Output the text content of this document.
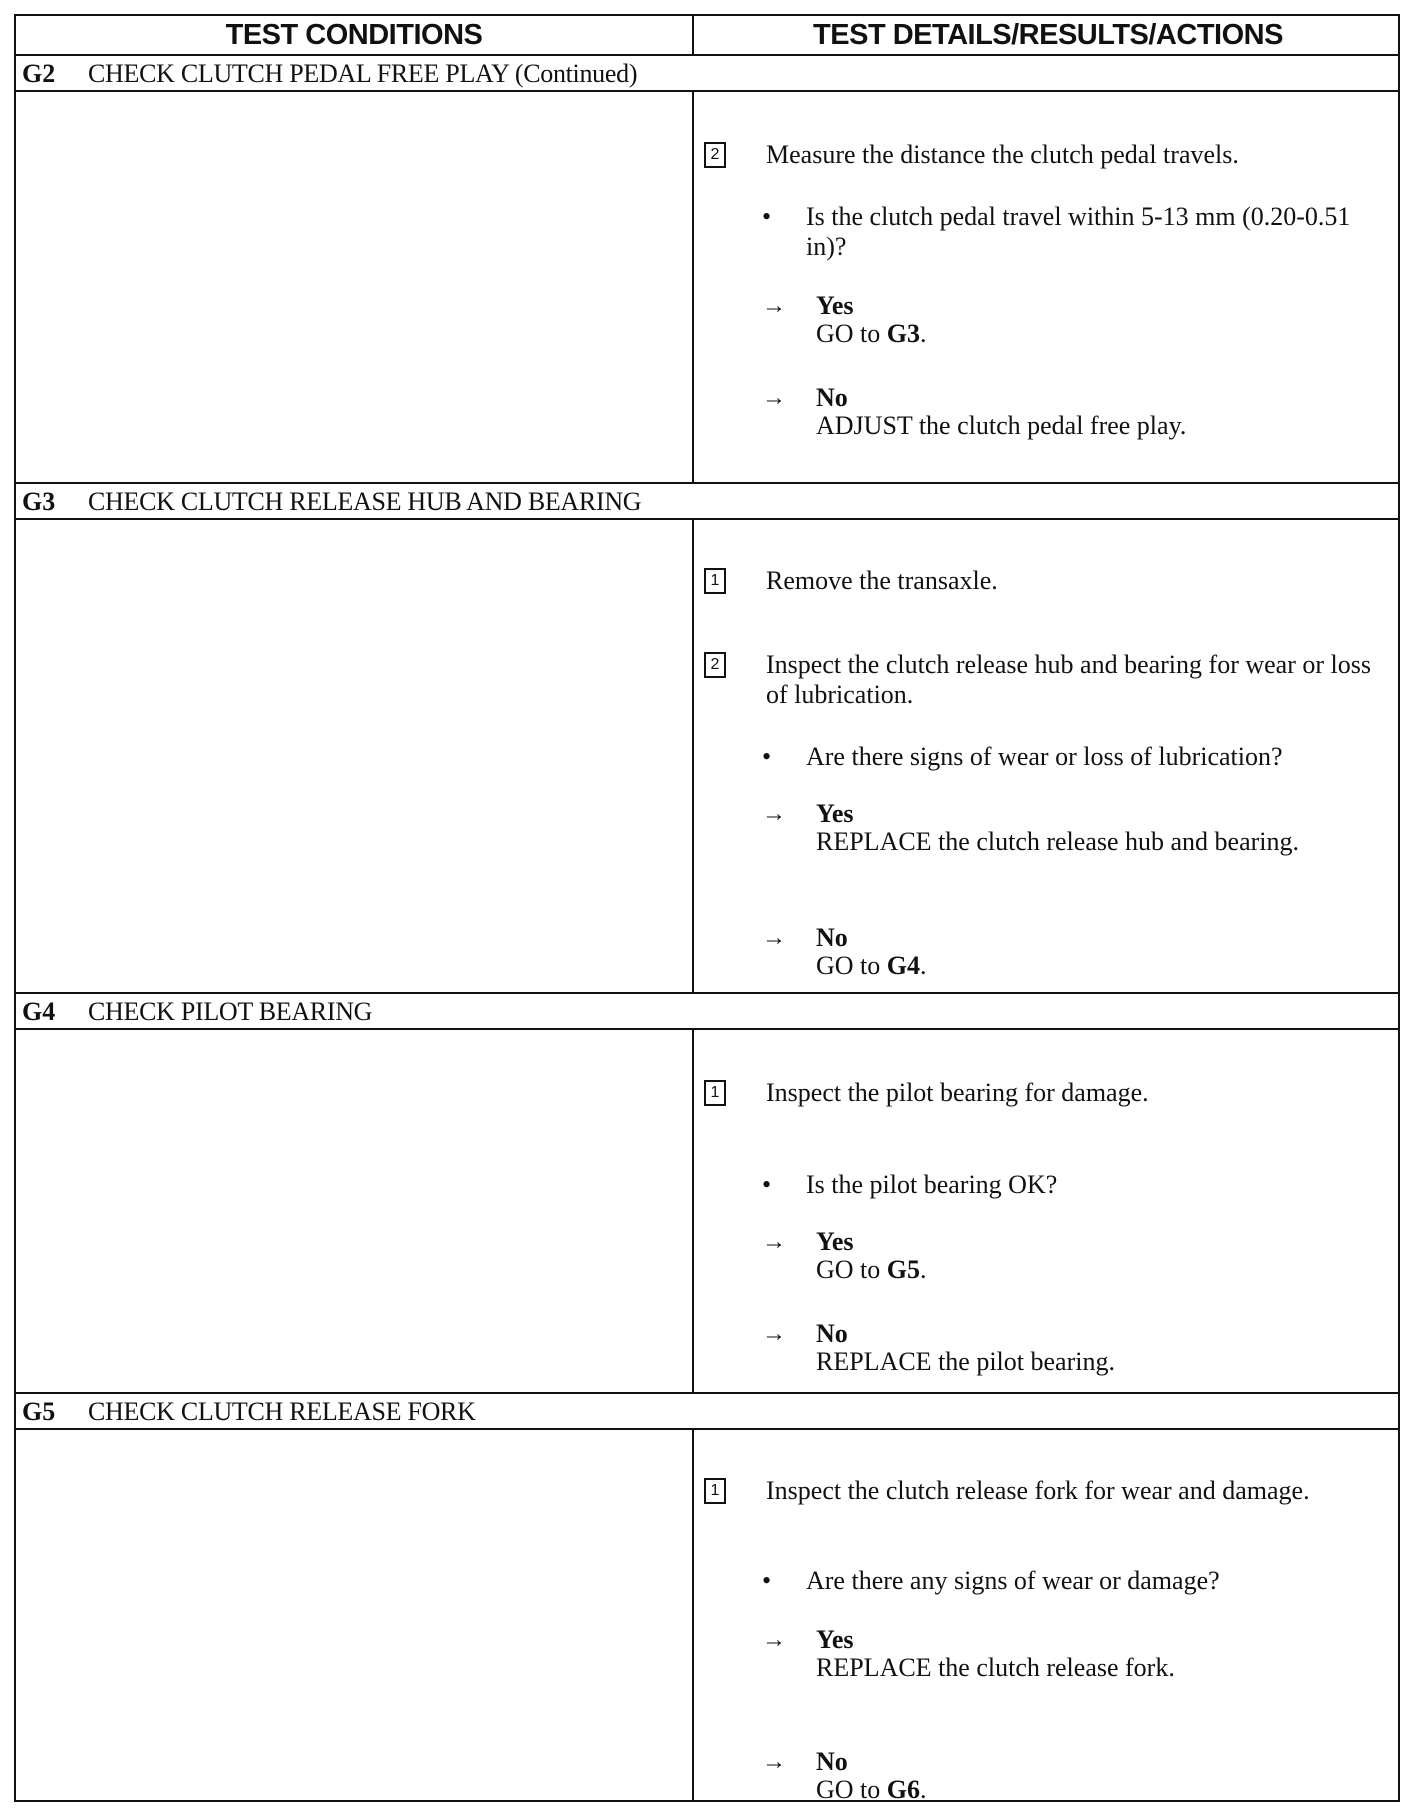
TEST CONDITIONS	TEST DETAILS/RESULTS/ACTIONS
G2 CHECK CLUTCH PEDAL FREE PLAY (Continued)
2 Measure the distance the clutch pedal travels.
• Is the clutch pedal travel within 5-13 mm (0.20-0.51 in)?
→ Yes
GO to G3.
→ No
ADJUST the clutch pedal free play.
G3 CHECK CLUTCH RELEASE HUB AND BEARING
1 Remove the transaxle.
2 Inspect the clutch release hub and bearing for wear or loss of lubrication.
• Are there signs of wear or loss of lubrication?
→ Yes
REPLACE the clutch release hub and bearing.
→ No
GO to G4.
G4 CHECK PILOT BEARING
1 Inspect the pilot bearing for damage.
• Is the pilot bearing OK?
→ Yes
GO to G5.
→ No
REPLACE the pilot bearing.
G5 CHECK CLUTCH RELEASE FORK
1 Inspect the clutch release fork for wear and damage.
• Are there any signs of wear or damage?
→ Yes
REPLACE the clutch release fork.
→ No
GO to G6.
